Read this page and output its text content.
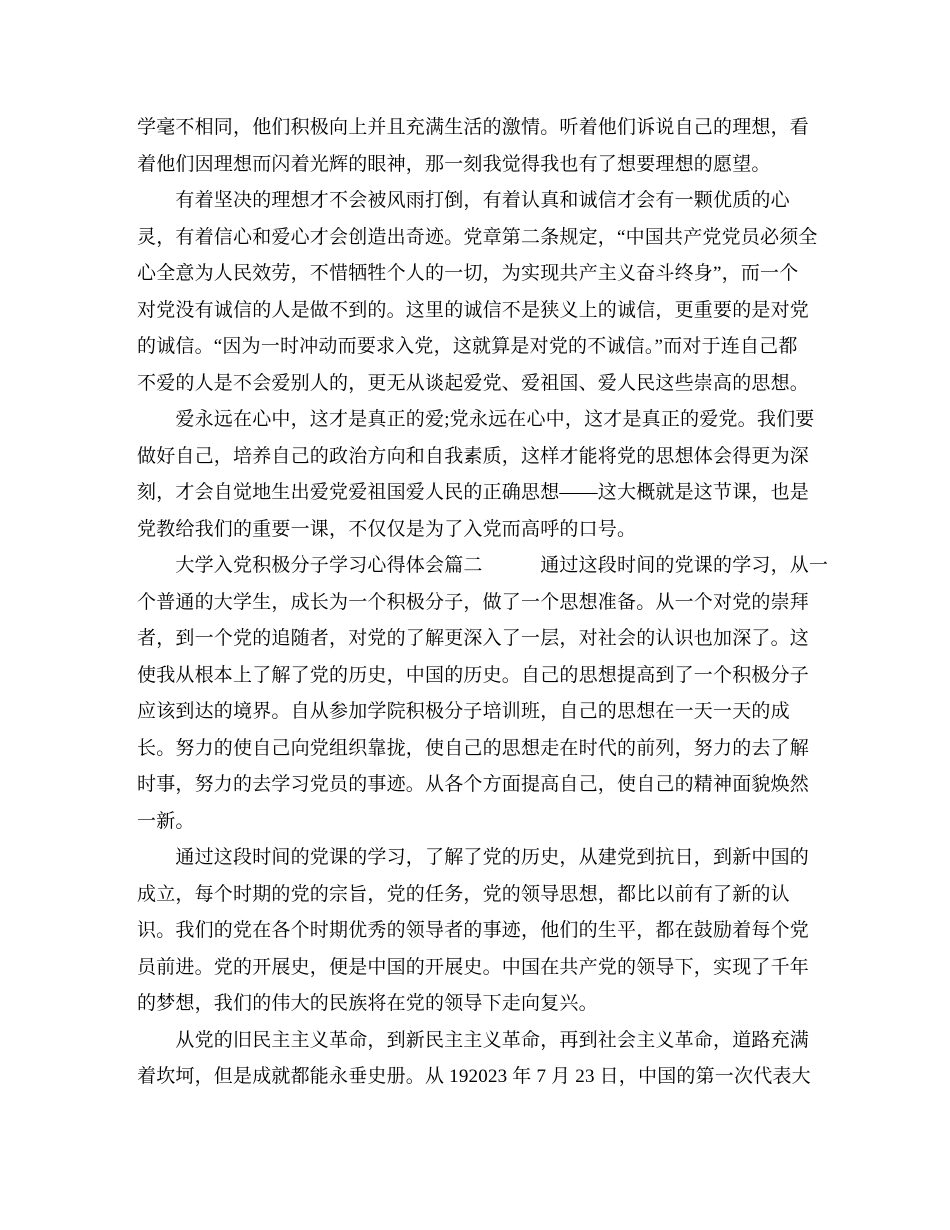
学毫不相同，他们积极向上并且充满生活的激情。听着他们诉说自己的理想，看
着他们因理想而闪着光辉的眼神，那一刻我觉得我也有了想要理想的愿望。
　　有着坚决的理想才不会被风雨打倒，有着认真和诚信才会有一颗优质的心
灵，有着信心和爱心才会创造出奇迹。党章第二条规定，“中国共产党党员必须全
心全意为人民效劳，不惜牺牲个人的一切，为实现共产主义奋斗终身”，而一个
对党没有诚信的人是做不到的。这里的诚信不是狭义上的诚信，更重要的是对党
的诚信。“因为一时冲动而要求入党，这就算是对党的不诚信。”而对于连自己都
不爱的人是不会爱别人的，更无从谈起爱党、爱祖国、爱人民这些崇高的思想。
　　爱永远在心中，这才是真正的爱;党永远在心中，这才是真正的爱党。我们要
做好自己，培养自己的政治方向和自我素质，这样才能将党的思想体会得更为深
刻，才会自觉地生出爱党爱祖国爱人民的正确思想——这大概就是这节课，也是
党教给我们的重要一课，不仅仅是为了入党而高呼的口号。
　　大学入党积极分子学习心得体会篇二　　　通过这段时间的党课的学习，从一
个普通的大学生，成长为一个积极分子，做了一个思想准备。从一个对党的崇拜
者，到一个党的追随者，对党的了解更深入了一层，对社会的认识也加深了。这
使我从根本上了解了党的历史，中国的历史。自己的思想提高到了一个积极分子
应该到达的境界。自从参加学院积极分子培训班，自己的思想在一天一天的成
长。努力的使自己向党组织靠拢，使自己的思想走在时代的前列，努力的去了解
时事，努力的去学习党员的事迹。从各个方面提高自己，使自己的精神面貌焕然
一新。
　　通过这段时间的党课的学习，了解了党的历史，从建党到抗日，到新中国的
成立，每个时期的党的宗旨，党的任务，党的领导思想，都比以前有了新的认
识。我们的党在各个时期优秀的领导者的事迹，他们的生平，都在鼓励着每个党
员前进。党的开展史，便是中国的开展史。中国在共产党的领导下，实现了千年
的梦想，我们的伟大的民族将在党的领导下走向复兴。
　　从党的旧民主主义革命，到新民主主义革命，再到社会主义革命，道路充满
着坎坷，但是成就都能永垂史册。从 192023 年 7 月 23 日，中国的第一次代表大
